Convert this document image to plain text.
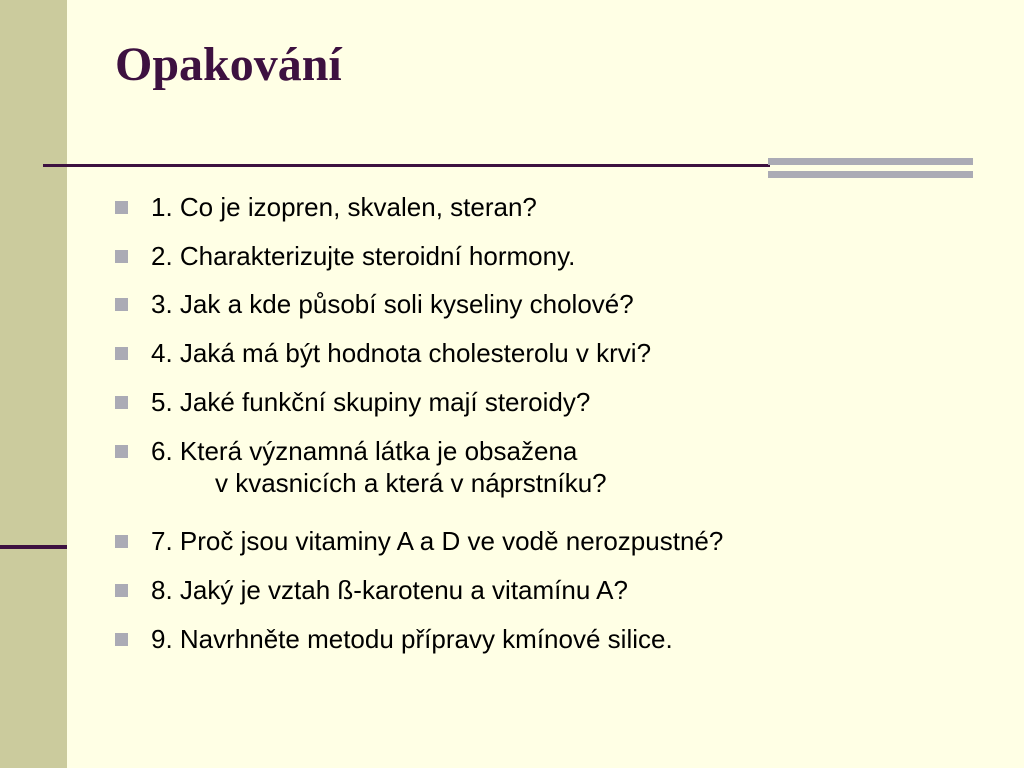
Opakování
1. Co je izopren, skvalen, steran?
2. Charakterizujte steroidní hormony.
3. Jak a kde působí soli kyseliny cholové?
4. Jaká má být hodnota cholesterolu v krvi?
5. Jaké funkční skupiny mají steroidy?
6. Která významná látka je obsažena
v kvasnicích a která v náprstníku?
7. Proč jsou vitaminy A a D ve vodě nerozpustné?
8. Jaký je vztah ß-karotenu a vitamínu A?
9. Navrhněte metodu přípravy kmínové silice.
